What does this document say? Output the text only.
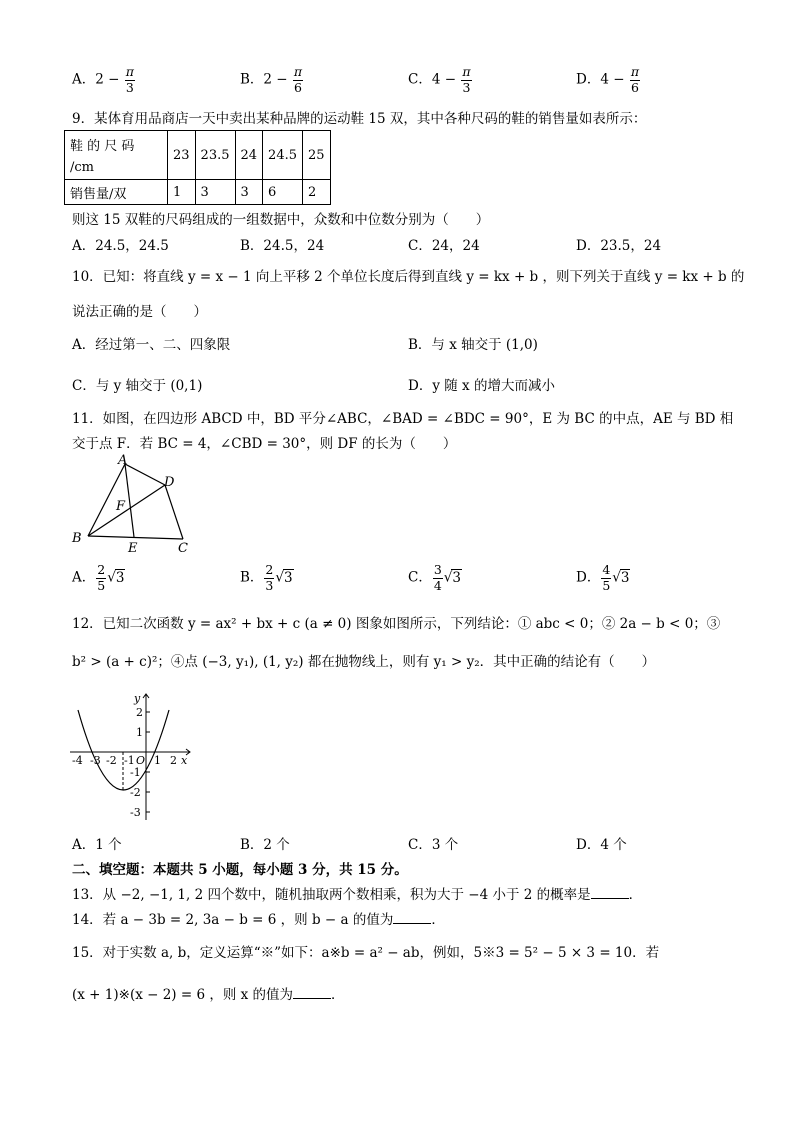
A．$2 - \frac{\pi}{3}$	B．$2 - \frac{\pi}{6}$	C．$4 - \frac{\pi}{3}$	D．$4 - \frac{\pi}{6}$
9．某体育用品商店一天中卖出某种品牌的运动鞋 15 双，其中各种尺码的鞋的销售量如表所示：
鞋 的 尺 码
/cm	23	23.5	24	24.5	25
销售量/双	1	3	3	6	2
则这 15 双鞋的尺码组成的一组数据中，众数和中位数分别为（　　）
A．24.5，24.5	B．24.5，24	C．24，24	D．23.5，24
10．已知：将直线 y = x − 1 向上平移 2 个单位长度后得到直线 y = kx + b ，则下列关于直线 y = kx + b 的
说法正确的是（　　）
A．经过第一、二、四象限	B．与 x 轴交于 (1,0)
C．与 y 轴交于 (0,1)	D．y 随 x 的增大而减小
11．如图，在四边形 ABCD 中，BD 平分∠ABC，∠BAD = ∠BDC = 90°，E 为 BC 的中点，AE 与 BD 相
交于点 F．若 BC = 4，∠CBD = 30°，则 DF 的长为（　　）
A
D
F
B
E	C
A． $\frac{2}{5} √3$	B． $\frac{2}{3} √3$	C． $\frac{3}{4} √3$	D． $\frac{4}{5} √3$
12．已知二次函数 y = ax² + bx + c (a ≠ 0) 图象如图所示，下列结论：① abc < 0；② 2a − b < 0；③
b² > (a + c)²；④点 (−3, y₁), (1, y₂) 都在抛物线上，则有 y₁ > y₂．其中正确的结论有（　　）
-4 -3 -2 -1 O 1 2 x
y
2
1
-1
-2
-3
A．1 个	B．2 个	C．3 个	D．4 个
二、填空题：本题共 5 小题，每小题 3 分，共 15 分。
13．从 −2, −1, 1, 2 四个数中，随机抽取两个数相乘，积为大于 −4 小于 2 的概率是	．
14．若 a − 3b = 2, 3a − b = 6 ，则 b − a 的值为	．
15．对于实数 a, b，定义运算“※”如下：a※b = a² − ab，例如，5※3 = 5² − 5 × 3 = 10．若
(x + 1)※(x − 2) = 6 ，则 x 的值为	．
